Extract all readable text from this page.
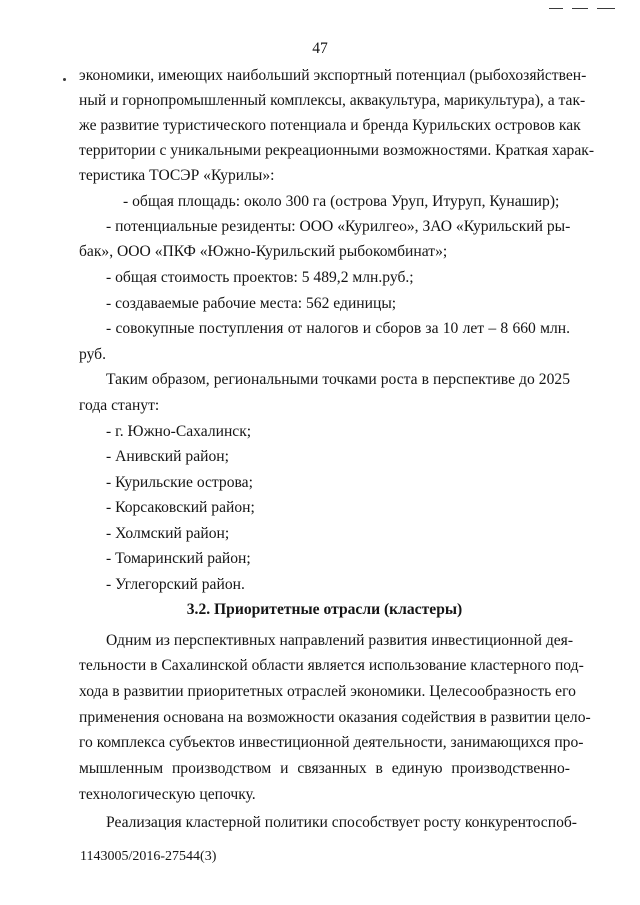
47
экономики, имеющих наибольший экспортный потенциал (рыбохозяйствен-
ный и горнопромышленный комплексы, аквакультура, марикультура), а так-
же развитие туристического потенциала и бренда Курильских островов как
территории с уникальными рекреационными возможностями. Краткая харак-
теристика ТОСЭР «Курилы»:
- общая площадь: около 300 га (острова Уруп, Итуруп, Кунашир);
- потенциальные резиденты: ООО «Курилгео», ЗАО «Курильский ры-
бак», ООО «ПКФ «Южно-Курильский рыбокомбинат»;
- общая стоимость проектов: 5 489,2 млн.руб.;
- создаваемые рабочие места: 562 единицы;
- совокупные поступления от налогов и сборов за 10 лет – 8 660 млн.
руб.
Таким образом, региональными точками роста в перспективе до 2025
года станут:
- г. Южно-Сахалинск;
- Анивский район;
- Курильские острова;
- Корсаковский район;
- Холмский район;
- Томаринский район;
- Углегорский район.
3.2. Приоритетные отрасли (кластеры)
Одним из перспективных направлений развития инвестиционной дея-
тельности в Сахалинской области является использование кластерного под-
хода в развитии приоритетных отраслей экономики. Целесообразность его
применения основана на возможности оказания содействия в развитии цело-
го комплекса субъектов инвестиционной деятельности, занимающихся про-
мышленным производством и связанных в единую производственно-
технологическую цепочку.
Реализация кластерной политики способствует росту конкурентоспоб-
1143005/2016-27544(3)
